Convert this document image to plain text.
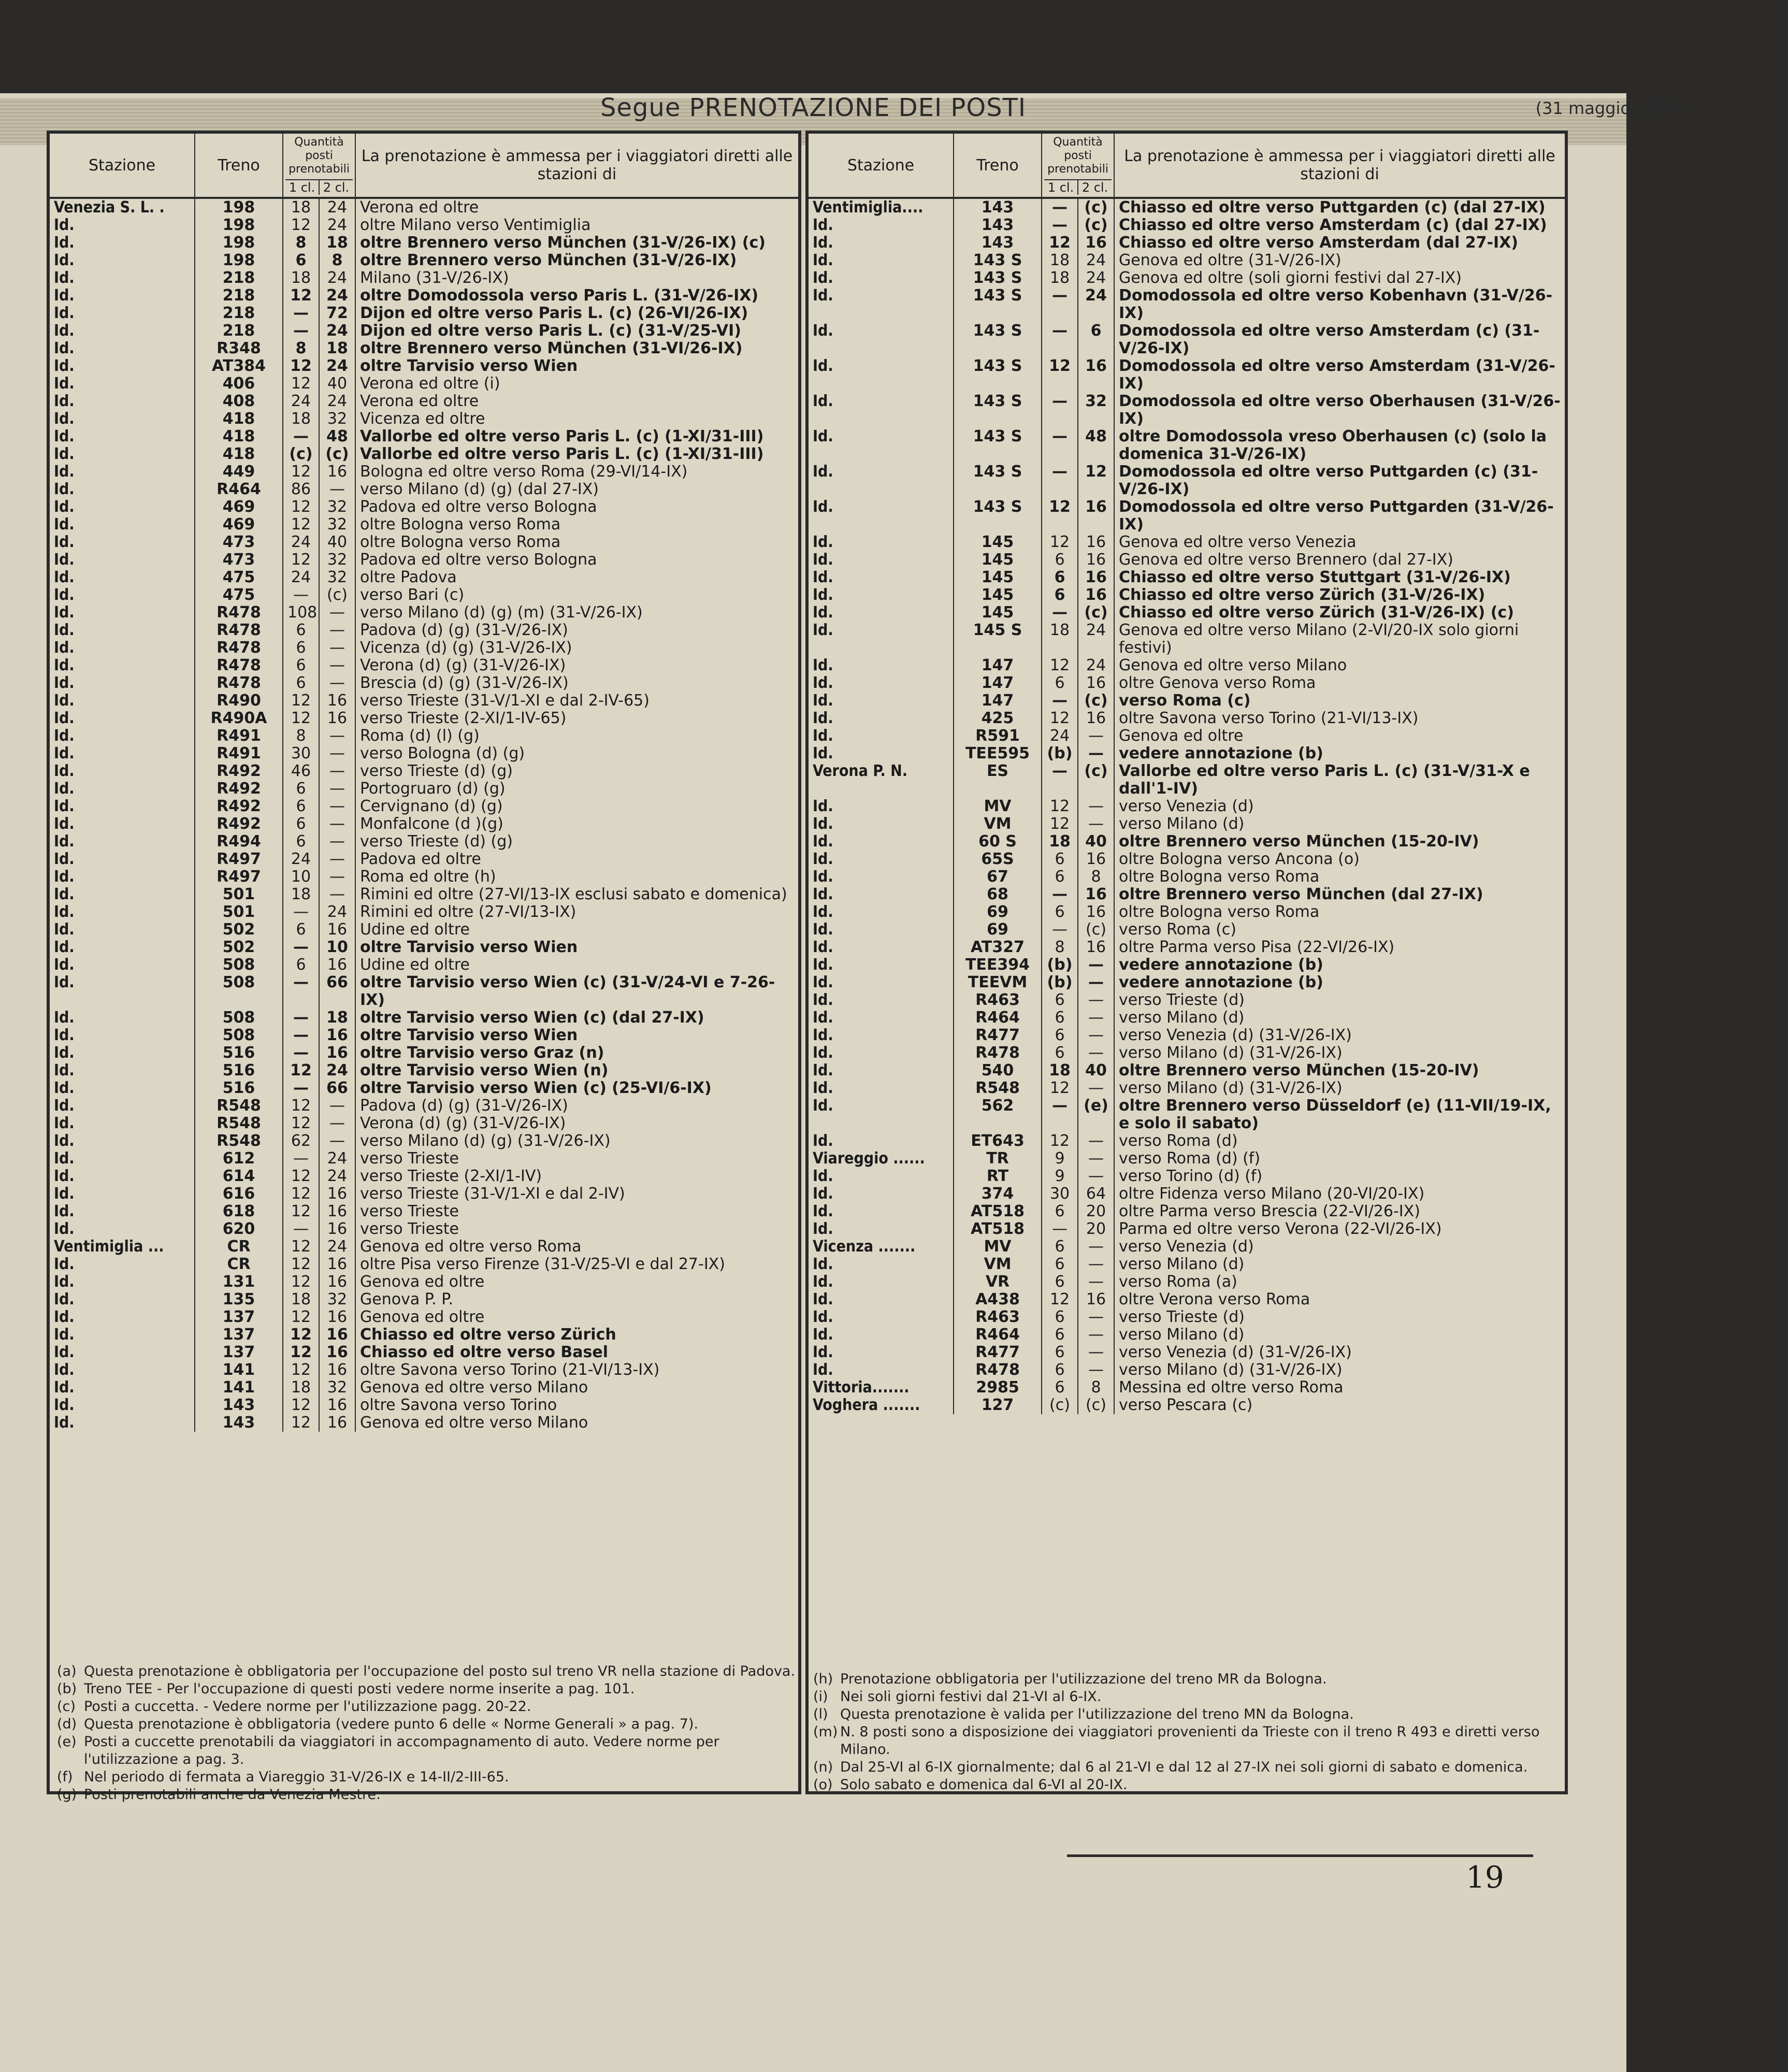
Segue PRENOTAZIONE DEI POSTI	(31 maggio 1964)
Stazione	Treno	Quantità posti prenotabili
1 cl. 2 cl.		La prenotazione è ammessa per i viaggiatori diretti alle stazioni di
Venezia S. L. .	198	18	24	Verona ed oltre
Id.	198	12	24	oltre Milano verso Ventimiglia
Id.	198	8	18	oltre Brennero verso München (31-V/26-IX) (c)
Id.	198	6	8	oltre Brennero verso München (31-V/26-IX)
Id.	218	18	24	Milano (31-V/26-IX)
Id.	218	12	24	oltre Domodossola verso Paris L. (31-V/26-IX)
Id.	218	—	72	Dijon ed oltre verso Paris L. (c) (26-VI/26-IX)
Id.	218	—	24	Dijon ed oltre verso Paris L. (c) (31-V/25-VI)
Id.	R348	8	18	oltre Brennero verso München (31-VI/26-IX)
Id.	AT384	12	24	oltre Tarvisio verso Wien
Id.	406	12	40	Verona ed oltre (i)
Id.	408	24	24	Verona ed oltre
Id.	418	18	32	Vicenza ed oltre
Id.	418	—	48	Vallorbe ed oltre verso Paris L. (c) (1-XI/31-III)
Id.	418	(c)	(c)	Vallorbe ed oltre verso Paris L. (c) (1-XI/31-III)
Id.	449	12	16	Bologna ed oltre verso Roma (29-VI/14-IX)
Id.	R464	86	—	verso Milano (d) (g) (dal 27-IX)
Id.	469	12	32	Padova ed oltre verso Bologna
Id.	469	12	32	oltre Bologna verso Roma
Id.	473	24	40	oltre Bologna verso Roma
Id.	473	12	32	Padova ed oltre verso Bologna
Id.	475	24	32	oltre Padova
Id.	475	—	(c)	verso Bari (c)
Id.	R478	108	—	verso Milano (d) (g) (m) (31-V/26-IX)
Id.	R478	6	—	Padova (d) (g) (31-V/26-IX)
Id.	R478	6	—	Vicenza (d) (g) (31-V/26-IX)
Id.	R478	6	—	Verona (d) (g) (31-V/26-IX)
Id.	R478	6	—	Brescia (d) (g) (31-V/26-IX)
Id.	R490	12	16	verso Trieste (31-V/1-XI e dal 2-IV-65)
Id.	R490A	12	16	verso Trieste (2-XI/1-IV-65)
Id.	R491	8	—	Roma (d) (l) (g)
Id.	R491	30	—	verso Bologna (d) (g)
Id.	R492	46	—	verso Trieste (d) (g)
Id.	R492	6	—	Portogruaro (d) (g)
Id.	R492	6	—	Cervignano (d) (g)
Id.	R492	6	—	Monfalcone (d )(g)
Id.	R494	6	—	verso Trieste (d) (g)
Id.	R497	24	—	Padova ed oltre
Id.	R497	10	—	Roma ed oltre (h)
Id.	501	18	—	Rimini ed oltre (27-VI/13-IX esclusi sabato e domenica)
Id.	501	—	24	Rimini ed oltre (27-VI/13-IX)
Id.	502	6	16	Udine ed oltre
Id.	502	—	10	oltre Tarvisio verso Wien
Id.	508	6	16	Udine ed oltre
Id.	508	—	66	oltre Tarvisio verso Wien (c) (31-V/24-VI e 7-26-IX)
Id.	508	—	18	oltre Tarvisio verso Wien (c) (dal 27-IX)
Id.	508	—	16	oltre Tarvisio verso Wien
Id.	516	—	16	oltre Tarvisio verso Graz (n)
Id.	516	12	24	oltre Tarvisio verso Wien (n)
Id.	516	—	66	oltre Tarvisio verso Wien (c) (25-VI/6-IX)
Id.	R548	12	—	Padova (d) (g) (31-V/26-IX)
Id.	R548	12	—	Verona (d) (g) (31-V/26-IX)
Id.	R548	62	—	verso Milano (d) (g) (31-V/26-IX)
Id.	612	—	24	verso Trieste
Id.	614	12	24	verso Trieste (2-XI/1-IV)
Id.	616	12	16	verso Trieste (31-V/1-XI e dal 2-IV)
Id.	618	12	16	verso Trieste
Id.	620	—	16	verso Trieste
Ventimiglia ...	CR	12	24	Genova ed oltre verso Roma
Id.	CR	12	16	oltre Pisa verso Firenze (31-V/25-VI e dal 27-IX)
Id.	131	12	16	Genova ed oltre
Id.	135	18	32	Genova P. P.
Id.	137	12	16	Genova ed oltre
Id.	137	12	16	Chiasso ed oltre verso Zürich
Id.	137	12	16	Chiasso ed oltre verso Basel
Id.	141	12	16	oltre Savona verso Torino (21-VI/13-IX)
Id.	141	18	32	Genova ed oltre verso Milano
Id.	143	12	16	oltre Savona verso Torino
Id.	143	12	16	Genova ed oltre verso Milano
Stazione	Treno	Quantità posti prenotabili
1 cl. 2 cl.		La prenotazione è ammessa per i viaggiatori diretti alle stazioni di
Ventimiglia....	143	—	(c)	Chiasso ed oltre verso Puttgarden (c) (dal 27-IX)
Id.	143	—	(c)	Chiasso ed oltre verso Amsterdam (c) (dal 27-IX)
Id.	143	12	16	Chiasso ed oltre verso Amsterdam (dal 27-IX)
Id.	143 S	18	24	Genova ed oltre (31-V/26-IX)
Id.	143 S	18	24	Genova ed oltre (soli giorni festivi dal 27-IX)
Id.	143 S	—	24	Domodossola ed oltre verso Kobenhavn (31-V/26-IX)
Id.	143 S	—	6	Domodossola ed oltre verso Amsterdam (c) (31-V/26-IX)
Id.	143 S	12	16	Domodossola ed oltre verso Amsterdam (31-V/26-IX)
Id.	143 S	—	32	Domodossola ed oltre verso Oberhausen (31-V/26-IX)
Id.	143 S	—	48	oltre Domodossola vreso Oberhausen (c) (solo la domenica 31-V/26-IX)
Id.	143 S	—	12	Domodossola ed oltre verso Puttgarden (c) (31-V/26-IX)
Id.	143 S	12	16	Domodossola ed oltre verso Puttgarden (31-V/26-IX)
Id.	145	12	16	Genova ed oltre verso Venezia
Id.	145	6	16	Genova ed oltre verso Brennero (dal 27-IX)
Id.	145	6	16	Chiasso ed oltre verso Stuttgart (31-V/26-IX)
Id.	145	6	16	Chiasso ed oltre verso Zürich (31-V/26-IX)
Id.	145	—	(c)	Chiasso ed oltre verso Zürich (31-V/26-IX) (c)
Id.	145 S	18	24	Genova ed oltre verso Milano (2-VI/20-IX solo giorni festivi)
Id.	147	12	24	Genova ed oltre verso Milano
Id.	147	6	16	oltre Genova verso Roma
Id.	147	—	(c)	verso Roma (c)
Id.	425	12	16	oltre Savona verso Torino (21-VI/13-IX)
Id.	R591	24	—	Genova ed oltre
Id.	TEE595	(b)	—	vedere annotazione (b)
Verona P. N.	ES	—	(c)	Vallorbe ed oltre verso Paris L. (c) (31-V/31-X e dall'1-IV)
Id.	MV	12	—	verso Venezia (d)
Id.	VM	12	—	verso Milano (d)
Id.	60 S	18	40	oltre Brennero verso München (15-20-IV)
Id.	65S	6	16	oltre Bologna verso Ancona (o)
Id.	67	6	8	oltre Bologna verso Roma
Id.	68	—	16	oltre Brennero verso München (dal 27-IX)
Id.	69	6	16	oltre Bologna verso Roma
Id.	69	—	(c)	verso Roma (c)
Id.	AT327	8	16	oltre Parma verso Pisa (22-VI/26-IX)
Id.	TEE394	(b)	—	vedere annotazione (b)
Id.	TEEVM	(b)	—	vedere annotazione (b)
Id.	R463	6	—	verso Trieste (d)
Id.	R464	6	—	verso Milano (d)
Id.	R477	6	—	verso Venezia (d) (31-V/26-IX)
Id.	R478	6	—	verso Milano (d) (31-V/26-IX)
Id.	540	18	40	oltre Brennero verso München (15-20-IV)
Id.	R548	12	—	verso Milano (d) (31-V/26-IX)
Id.	562	—	(e)	oltre Brennero verso Düsseldorf (e) (11-VII/19-IX, e solo il sabato)
Id.	ET643	12	—	verso Roma (d)
Viareggio ......	TR	9	—	verso Roma (d) (f)
Id.	RT	9	—	verso Torino (d) (f)
Id.	374	30	64	oltre Fidenza verso Milano (20-VI/20-IX)
Id.	AT518	6	20	oltre Parma verso Brescia (22-VI/26-IX)
Id.	AT518	—	20	Parma ed oltre verso Verona (22-VI/26-IX)
Vicenza .......	MV	6	—	verso Venezia (d)
Id.	VM	6	—	verso Milano (d)
Id.	VR	6	—	verso Roma (a)
Id.	A438	12	16	oltre Verona verso Roma
Id.	R463	6	—	verso Trieste (d)
Id.	R464	6	—	verso Milano (d)
Id.	R477	6	—	verso Venezia (d) (31-V/26-IX)
Id.	R478	6	—	verso Milano (d) (31-V/26-IX)
Vittoria.......	2985	6	8	Messina ed oltre verso Roma
Voghera .......	127	(c)	(c)	verso Pescara (c)
(a) Questa prenotazione è obbligatoria per l'occupazione del posto sul treno VR nella stazione di Padova.
(b) Treno TEE - Per l'occupazione di questi posti vedere norme inserite a pag. 101.
(c) Posti a cuccetta. - Vedere norme per l'utilizzazione pagg. 20-22.
(d) Questa prenotazione è obbligatoria (vedere punto 6 delle « Norme Generali » a pag. 7).
(e) Posti a cuccette prenotabili da viaggiatori in accompagnamento di auto. Vedere norme per l'utilizzazione a pag. 3.
(f) Nel periodo di fermata a Viareggio 31-V/26-IX e 14-II/2-III-65.
(g) Posti prenotabili anche da Venezia Mestre.
(h) Prenotazione obbligatoria per l'utilizzazione del treno MR da Bologna.
(i) Nei soli giorni festivi dal 21-VI al 6-IX.
(l) Questa prenotazione è valida per l'utilizzazione del treno MN da Bologna.
(m) N. 8 posti sono a disposizione dei viaggiatori provenienti da Trieste con il treno R 493 e diretti verso Milano.
(n) Dal 25-VI al 6-IX giornalmente; dal 6 al 21-VI e dal 12 al 27-IX nei soli giorni di sabato e domenica.
(o) Solo sabato e domenica dal 6-VI al 20-IX.
19
